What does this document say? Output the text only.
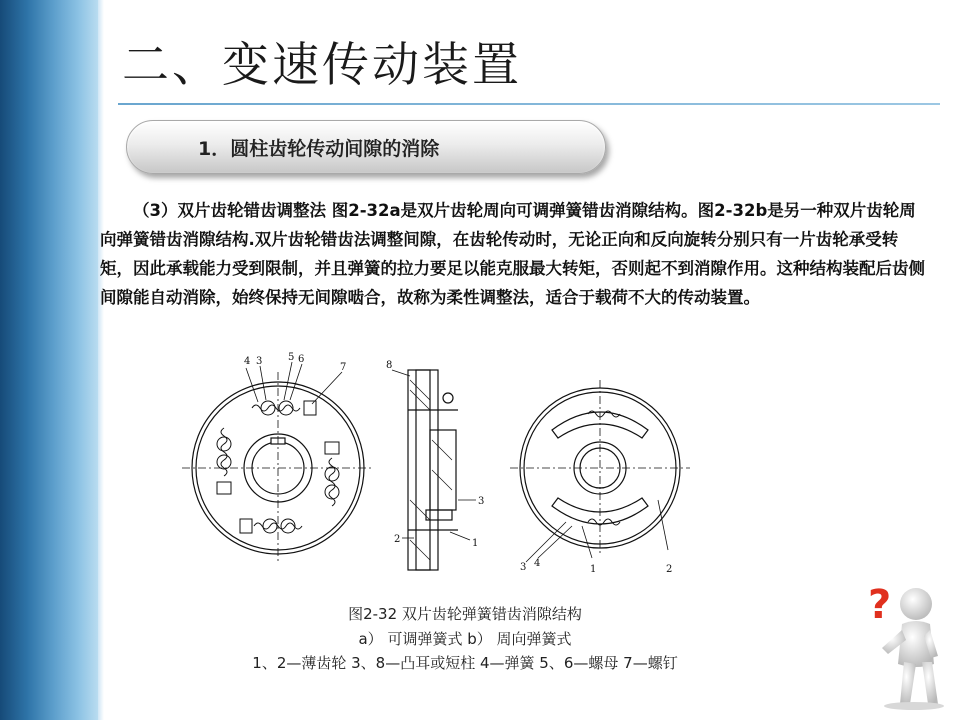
二、变速传动装置
1．圆柱齿轮传动间隙的消除
（3）双片齿轮错齿调整法 图2-32a是双片齿轮周向可调弹簧错齿消隙结构。图2-32b是另一种双片齿轮周向弹簧错齿消隙结构.双片齿轮错齿法调整间隙，在齿轮传动时，无论正向和反向旋转分别只有一片齿轮承受转矩，因此承载能力受到限制，并且弹簧的拉力要足以能克服最大转矩，否则起不到消隙作用。这种结构装配后齿侧间隙能自动消除，始终保持无间隙啮合，故称为柔性调整法，适合于载荷不大的传动装置。
4 3	5 6
7	8
3
2	1
3 4
1	2
图2-32 双片齿轮弹簧错齿消隙结构
a） 可调弹簧式 b） 周向弹簧式
1、2—薄齿轮 3、8—凸耳或短柱 4—弹簧 5、6—螺母 7—螺钉
?
